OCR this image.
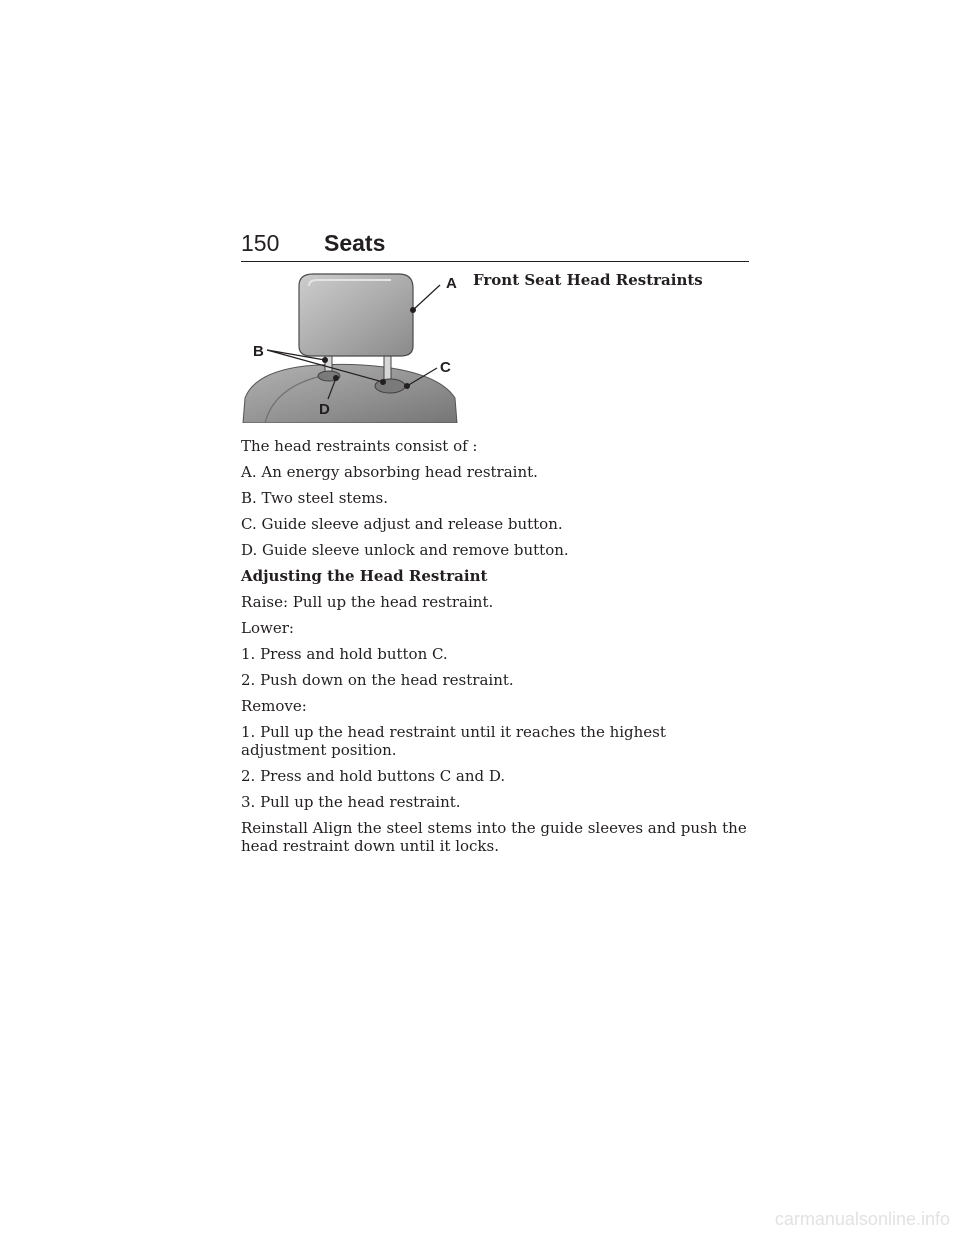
150 Seats
A
B
C
D
Front Seat Head Restraints

The head restraints consist of :

A. An energy absorbing head restraint.

B. Two steel stems.

C. Guide sleeve adjust and release button.

D. Guide sleeve unlock and remove button.

Adjusting the Head Restraint

Raise: Pull up the head restraint.

Lower:

1. Press and hold button C.

2. Push down on the head restraint.

Remove:

1. Pull up the head restraint until it reaches the highest adjustment position.

2. Press and hold buttons C and D.

3. Pull up the head restraint.

Reinstall Align the steel stems into the guide sleeves and push the head restraint down until it locks.

carmanualsonline.info
